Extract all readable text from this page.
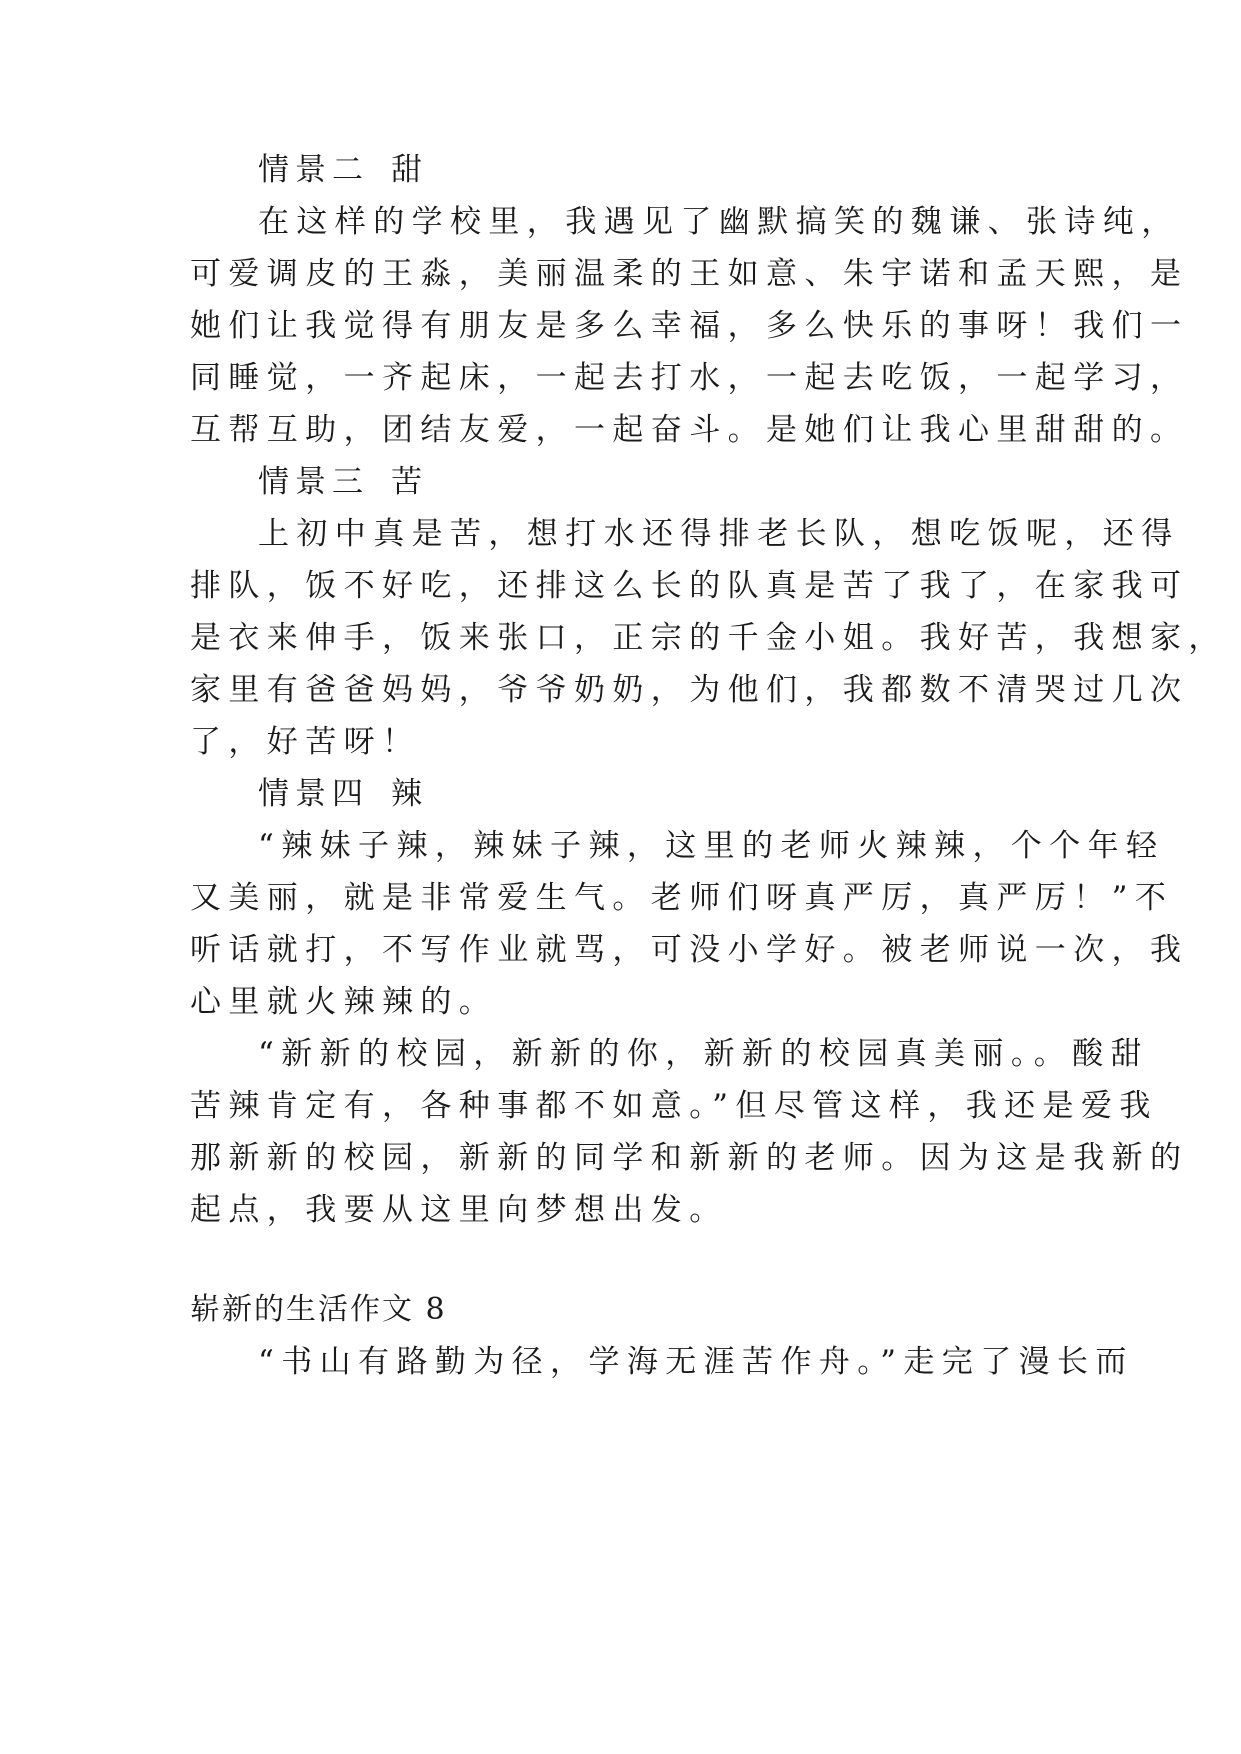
情景二 甜
在这样的学校里，我遇见了幽默搞笑的魏谦、张诗纯，
可爱调皮的王淼，美丽温柔的王如意、朱宇诺和孟天熙，是
她们让我觉得有朋友是多么幸福，多么快乐的事呀！我们一
同睡觉，一齐起床，一起去打水，一起去吃饭，一起学习，
互帮互助，团结友爱，一起奋斗。是她们让我心里甜甜的。
情景三 苦
上初中真是苦，想打水还得排老长队，想吃饭呢，还得
排队，饭不好吃，还排这么长的队真是苦了我了，在家我可
是衣来伸手，饭来张口，正宗的千金小姐。我好苦，我想家，
家里有爸爸妈妈，爷爷奶奶，为他们，我都数不清哭过几次
了，好苦呀！
情景四 辣
“辣妹子辣，辣妹子辣，这里的老师火辣辣，个个年轻
又美丽，就是非常爱生气。老师们呀真严厉，真严厉！”不
听话就打，不写作业就骂，可没小学好。被老师说一次，我
心里就火辣辣的。
“新新的校园，新新的你，新新的校园真美丽。。酸甜
苦辣肯定有，各种事都不如意。”但尽管这样，我还是爱我
那新新的校园，新新的同学和新新的老师。因为这是我新的
起点，我要从这里向梦想出发。
崭新的生活作文 8
“书山有路勤为径，学海无涯苦作舟。”走完了漫长而
